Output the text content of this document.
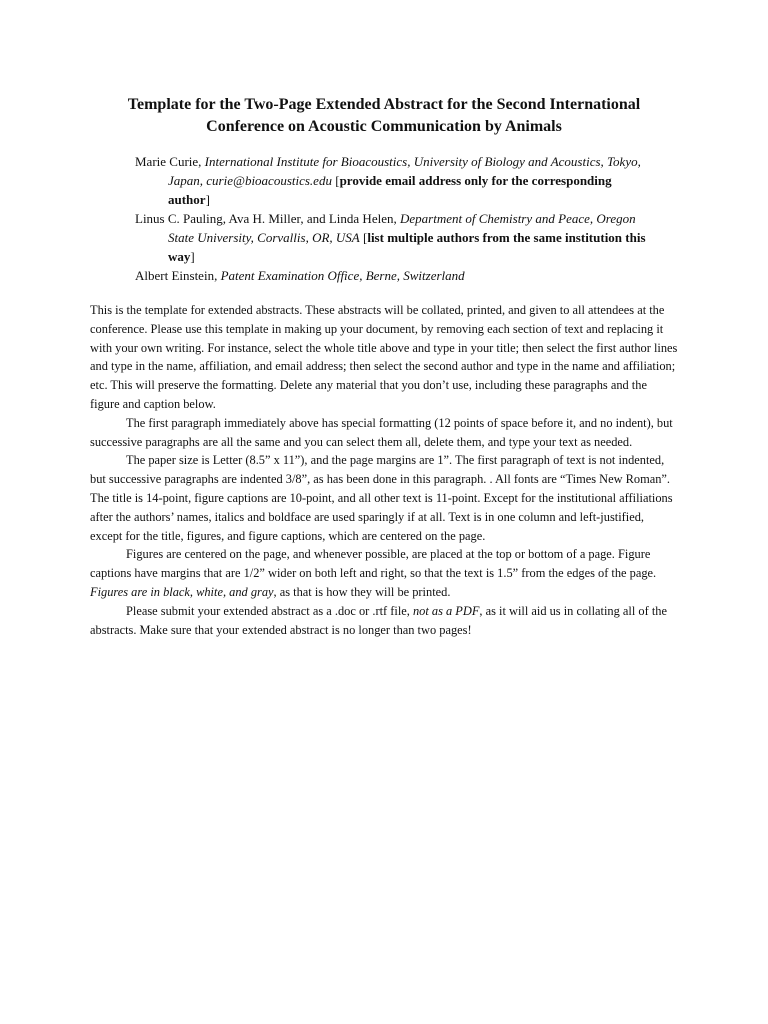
Template for the Two-Page Extended Abstract for the Second International
Conference on Acoustic Communication by Animals

Marie Curie, International Institute for Bioacoustics, University of Biology and Acoustics, Tokyo, Japan, curie@bioacoustics.edu [provide email address only for the corresponding author]

Linus C. Pauling, Ava H. Miller, and Linda Helen, Department of Chemistry and Peace, Oregon State University, Corvallis, OR, USA [list multiple authors from the same institution this way]

Albert Einstein, Patent Examination Office, Berne, Switzerland

This is the template for extended abstracts. These abstracts will be collated, printed, and given to all attendees at the conference. Please use this template in making up your document, by removing each section of text and replacing it with your own writing. For instance, select the whole title above and type in your title; then select the first author lines and type in the name, affiliation, and email address; then select the second author and type in the name and affiliation; etc. This will preserve the formatting. Delete any material that you don’t use, including these paragraphs and the figure and caption below.

The first paragraph immediately above has special formatting (12 points of space before it, and no indent), but successive paragraphs are all the same and you can select them all, delete them, and type your text as needed.

The paper size is Letter (8.5” x 11”), and the page margins are 1”. The first paragraph of text is not indented, but successive paragraphs are indented 3/8”, as has been done in this paragraph. . All fonts are “Times New Roman”. The title is 14-point, figure captions are 10-point, and all other text is 11-point. Except for the institutional affiliations after the authors’ names, italics and boldface are used sparingly if at all. Text is in one column and left-justified, except for the title, figures, and figure captions, which are centered on the page.

Figures are centered on the page, and whenever possible, are placed at the top or bottom of a page. Figure captions have margins that are 1/2” wider on both left and right, so that the text is 1.5” from the edges of the page. Figures are in black, white, and gray, as that is how they will be printed.

Please submit your extended abstract as a .doc or .rtf file, not as a PDF, as it will aid us in collating all of the abstracts. Make sure that your extended abstract is no longer than two pages!
